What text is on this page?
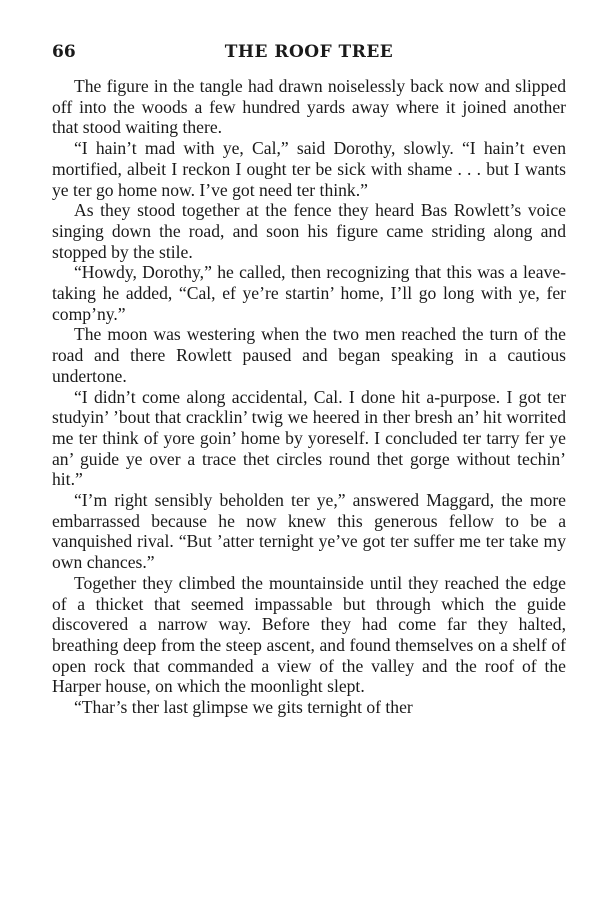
66	THE ROOF TREE

The figure in the tangle had drawn noiselessly back now and slipped off into the woods a few hundred yards away where it joined another that stood waiting there.

“I hain’t mad with ye, Cal,” said Dorothy, slowly. “I hain’t even mortified, albeit I reckon I ought ter be sick with shame . . . but I wants ye ter go home now. I’ve got need ter think.”

As they stood together at the fence they heard Bas Rowlett’s voice singing down the road, and soon his figure came striding along and stopped by the stile.

“Howdy, Dorothy,” he called, then recognizing that this was a leave-taking he added, “Cal, ef ye’re startin’ home, I’ll go long with ye, fer comp’ny.”

The moon was westering when the two men reached the turn of the road and there Rowlett paused and began speaking in a cautious undertone.

“I didn’t come along accidental, Cal. I done hit a-purpose. I got ter studyin’ ’bout that cracklin’ twig we heered in ther bresh an’ hit worrited me ter think of yore goin’ home by yoreself. I concluded ter tarry fer ye an’ guide ye over a trace thet circles round thet gorge without techin’ hit.”

“I’m right sensibly beholden ter ye,” answered Maggard, the more embarrassed because he now knew this generous fellow to be a vanquished rival. “But ’atter ternight ye’ve got ter suffer me ter take my own chances.”

Together they climbed the mountainside until they reached the edge of a thicket that seemed impassable but through which the guide discovered a narrow way. Before they had come far they halted, breathing deep from the steep ascent, and found themselves on a shelf of open rock that commanded a view of the valley and the roof of the Harper house, on which the moonlight slept.

“Thar’s ther last glimpse we gits ternight of ther
